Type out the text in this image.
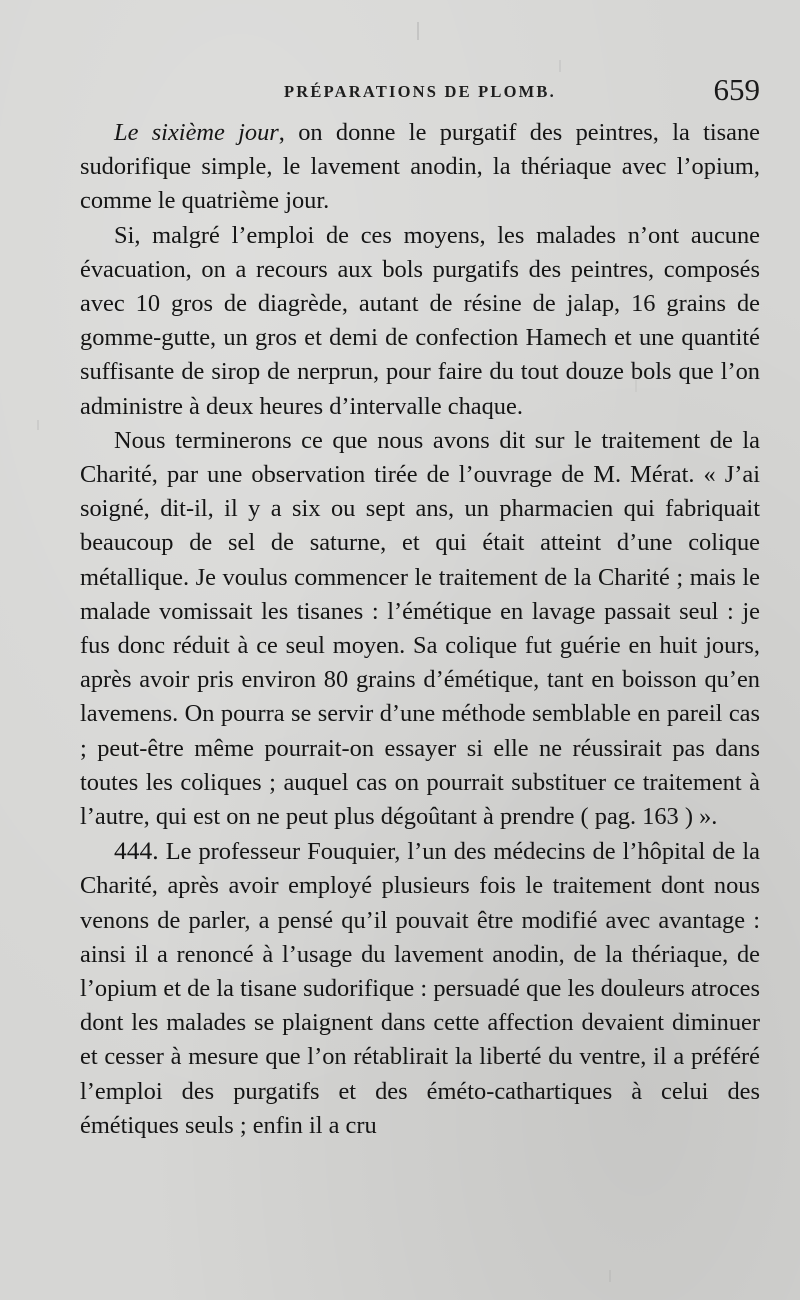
PRÉPARATIONS DE PLOMB.	659

Le sixième jour, on donne le purgatif des peintres, la tisane sudorifique simple, le lavement anodin, la thériaque avec l’opium, comme le quatrième jour.

Si, malgré l’emploi de ces moyens, les malades n’ont aucune évacuation, on a recours aux bols purgatifs des peintres, composés avec 10 gros de diagrède, autant de résine de jalap, 16 grains de gomme-gutte, un gros et demi de confection Hamech et une quantité suffisante de sirop de nerprun, pour faire du tout douze bols que l’on administre à deux heures d’intervalle chaque.

Nous terminerons ce que nous avons dit sur le traitement de la Charité, par une observation tirée de l’ouvrage de M. Mérat. « J’ai soigné, dit-il, il y a six ou sept ans, un pharmacien qui fabriquait beaucoup de sel de saturne, et qui était atteint d’une colique métallique. Je voulus commencer le traitement de la Charité ; mais le malade vomissait les tisanes : l’émétique en lavage passait seul : je fus donc réduit à ce seul moyen. Sa colique fut guérie en huit jours, après avoir pris environ 80 grains d’émétique, tant en boisson qu’en lavemens. On pourra se servir d’une méthode semblable en pareil cas ; peut-être même pourrait-on essayer si elle ne réussirait pas dans toutes les coliques ; auquel cas on pourrait substituer ce traitement à l’autre, qui est on ne peut plus dégoûtant à prendre ( pag. 163 ) ».

444. Le professeur Fouquier, l’un des médecins de l’hôpital de la Charité, après avoir employé plusieurs fois le traitement dont nous venons de parler, a pensé qu’il pouvait être modifié avec avantage : ainsi il a renoncé à l’usage du lavement anodin, de la thériaque, de l’opium et de la tisane sudorifique : persuadé que les douleurs atroces dont les malades se plaignent dans cette affection devaient diminuer et cesser à mesure que l’on rétablirait la liberté du ventre, il a préféré l’emploi des purgatifs et des éméto-cathartiques à celui des émétiques seuls ; enfin il a cru
